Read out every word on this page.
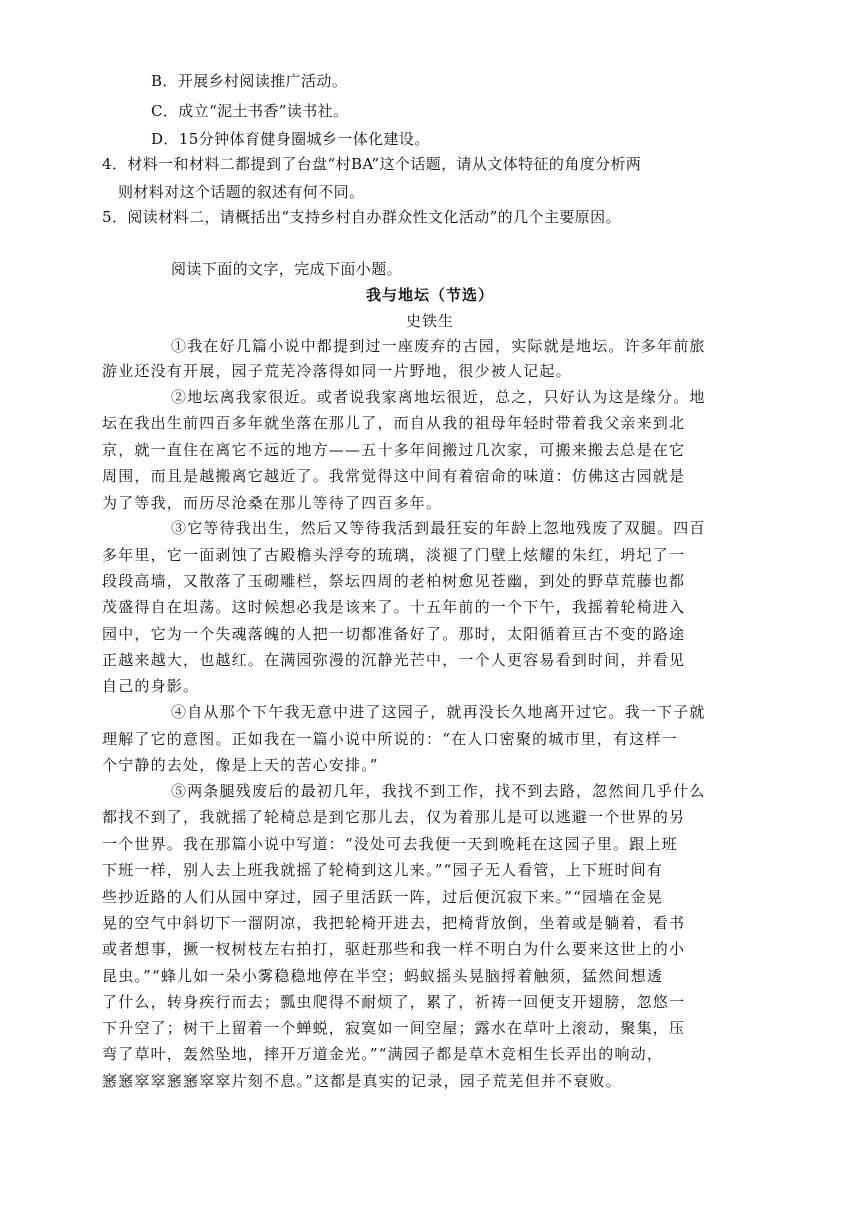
B．开展乡村阅读推广活动。
C．成立“泥土书香”读书社。
D．15分钟体育健身圈城乡一体化建设。
4．材料一和材料二都提到了台盘“村BA”这个话题，请从文体特征的角度分析两
则材料对这个话题的叙述有何不同。
5．阅读材料二，请概括出“支持乡村自办群众性文化活动”的几个主要原因。
阅读下面的文字，完成下面小题。
我与地坛（节选）
史铁生
①我在好几篇小说中都提到过一座废弃的古园，实际就是地坛。许多年前旅
游业还没有开展，园子荒芜冷落得如同一片野地，很少被人记起。
②地坛离我家很近。或者说我家离地坛很近，总之，只好认为这是缘分。地
坛在我出生前四百多年就坐落在那儿了，而自从我的祖母年轻时带着我父亲来到北
京，就一直住在离它不远的地方——五十多年间搬过几次家，可搬来搬去总是在它
周围，而且是越搬离它越近了。我常觉得这中间有着宿命的味道：仿佛这古园就是
为了等我，而历尽沧桑在那儿等待了四百多年。
③它等待我出生，然后又等待我活到最狂妄的年龄上忽地残废了双腿。四百
多年里，它一面剥蚀了古殿檐头浮夸的琉璃，淡褪了门壁上炫耀的朱红，坍圮了一
段段高墙，又散落了玉砌雕栏，祭坛四周的老柏树愈见苍幽，到处的野草荒藤也都
茂盛得自在坦荡。这时候想必我是该来了。十五年前的一个下午，我摇着轮椅进入
园中，它为一个失魂落魄的人把一切都准备好了。那时，太阳循着亘古不变的路途
正越来越大，也越红。在满园弥漫的沉静光芒中，一个人更容易看到时间，并看见
自己的身影。
④自从那个下午我无意中进了这园子，就再没长久地离开过它。我一下子就
理解了它的意图。正如我在一篇小说中所说的：“在人口密聚的城市里，有这样一
个宁静的去处，像是上天的苦心安排。”
⑤两条腿残废后的最初几年，我找不到工作，找不到去路，忽然间几乎什么
都找不到了，我就摇了轮椅总是到它那儿去，仅为着那儿是可以逃避一个世界的另
一个世界。我在那篇小说中写道：“没处可去我便一天到晚耗在这园子里。跟上班
下班一样，别人去上班我就摇了轮椅到这儿来。”“园子无人看管，上下班时间有
些抄近路的人们从园中穿过，园子里活跃一阵，过后便沉寂下来。”“园墙在金晃
晃的空气中斜切下一溜阴凉，我把轮椅开进去，把椅背放倒，坐着或是躺着，看书
或者想事，撅一杈树枝左右拍打，驱赶那些和我一样不明白为什么要来这世上的小
昆虫。”“蜂儿如一朵小雾稳稳地停在半空；蚂蚁摇头晃脑捋着触须，猛然间想透
了什么，转身疾行而去；瓢虫爬得不耐烦了，累了，祈祷一回便支开翅膀，忽悠一
下升空了；树干上留着一个蝉蜕，寂寞如一间空屋；露水在草叶上滚动，聚集，压
弯了草叶，轰然坠地，摔开万道金光。”“满园子都是草木竞相生长弄出的响动，
窸窸窣窣窸窸窣窣片刻不息。”这都是真实的记录，园子荒芜但并不衰败。
